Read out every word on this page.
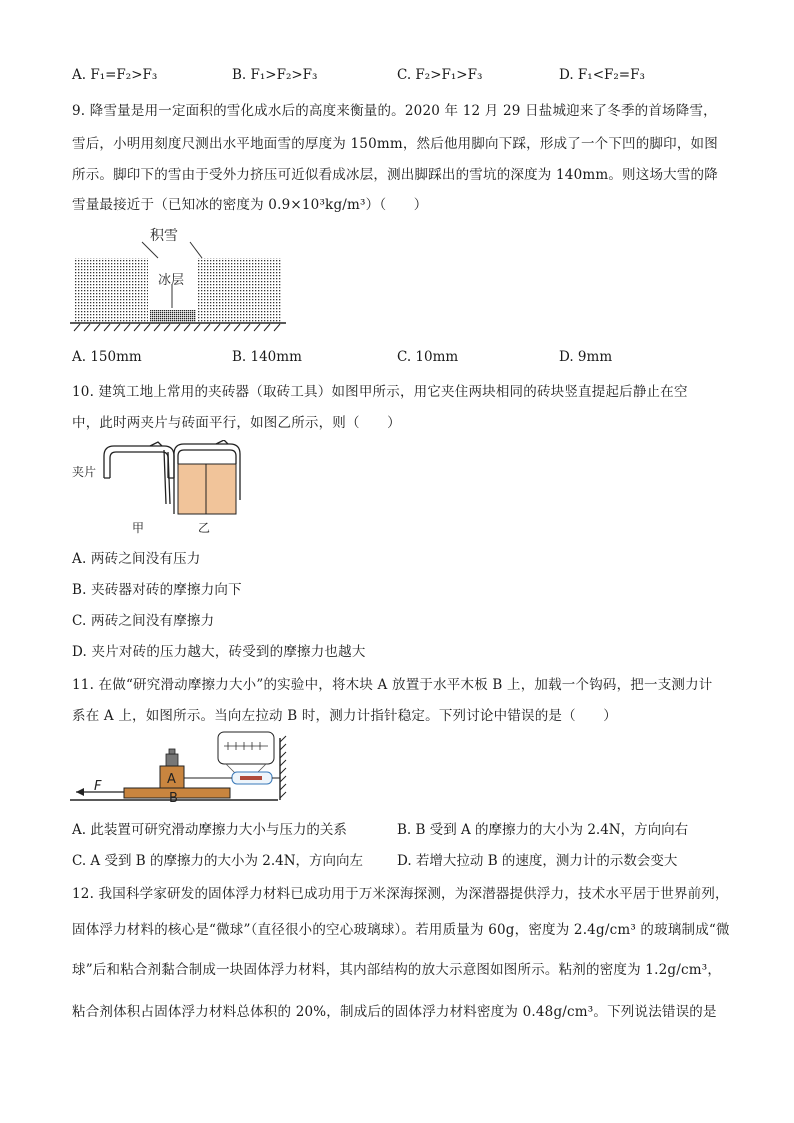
A. F₁=F₂>F₃	B. F₁>F₂>F₃	C. F₂>F₁>F₃	D. F₁<F₂=F₃
9. 降雪量是用一定面积的雪化成水后的高度来衡量的。2020 年 12 月 29 日盐城迎来了冬季的首场降雪，
雪后，小明用刻度尺测出水平地面雪的厚度为 150mm，然后他用脚向下踩，形成了一个下凹的脚印，如图
所示。脚印下的雪由于受外力挤压可近似看成冰层，测出脚踩出的雪坑的深度为 140mm。则这场大雪的降
雪量最接近于（已知冰的密度为 0.9×10³kg/m³）（　　）
积雪
冰层
A. 150mm	B. 140mm	C. 10mm	D. 9mm
10. 建筑工地上常用的夹砖器（取砖工具）如图甲所示，用它夹住两块相同的砖块竖直提起后静止在空
中，此时两夹片与砖面平行，如图乙所示，则（　　）
夹片
甲	乙
A. 两砖之间没有压力
B. 夹砖器对砖的摩擦力向下
C. 两砖之间没有摩擦力
D. 夹片对砖的压力越大，砖受到的摩擦力也越大
11. 在做“研究滑动摩擦力大小”的实验中，将木块 A 放置于水平木板 B 上，加载一个钩码，把一支测力计
系在 A 上，如图所示。当向左拉动 B 时，测力计指针稳定。下列讨论中错误的是（　　）
F	A
B
A. 此装置可研究滑动摩擦力大小与压力的关系	B. B 受到 A 的摩擦力的大小为 2.4N，方向向右
C. A 受到 B 的摩擦力的大小为 2.4N，方向向左	D. 若增大拉动 B 的速度，测力计的示数会变大
12. 我国科学家研发的固体浮力材料已成功用于万米深海探测，为深潜器提供浮力，技术水平居于世界前列，
固体浮力材料的核心是“微球”（直径很小的空心玻璃球）。若用质量为 60g，密度为 2.4g/cm³ 的玻璃制成“微
球”后和粘合剂黏合制成一块固体浮力材料，其内部结构的放大示意图如图所示。粘剂的密度为 1.2g/cm³，
粘合剂体积占固体浮力材料总体积的 20%，制成后的固体浮力材料密度为 0.48g/cm³。下列说法错误的是
